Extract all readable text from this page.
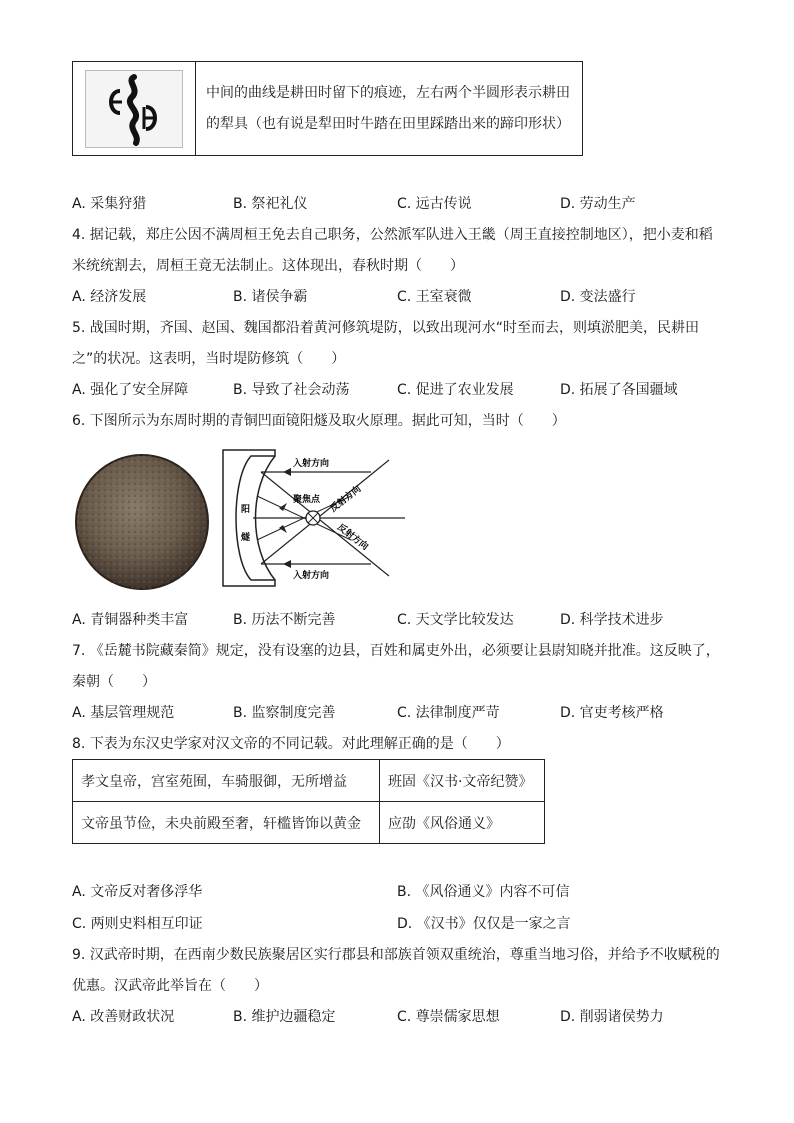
中间的曲线是耕田时留下的痕迹，左右两个半圆形表示耕田
的犁具（也有说是犁田时牛踏在田里踩踏出来的蹄印形状）
A. 采集狩猎	B. 祭祀礼仪	C. 远古传说	D. 劳动生产
4. 据记载，郑庄公因不满周桓王免去自己职务，公然派军队进入王畿（周王直接控制地区），把小麦和稻
米统统割去，周桓王竟无法制止。这体现出，春秋时期（　　）
A. 经济发展	B. 诸侯争霸	C. 王室衰微	D. 变法盛行
5. 战国时期，齐国、赵国、魏国都沿着黄河修筑堤防，以致出现河水“时至而去，则填淤肥美，民耕田
之”的状况。这表明，当时堤防修筑（　　）
A. 强化了安全屏障	B. 导致了社会动荡	C. 促进了农业发展	D. 拓展了各国疆域
6. 下图所示为东周时期的青铜凹面镜阳燧及取火原理。据此可知，当时（　　）
入射方向
入射方向
聚焦点
阳
燧
反射方向
反射方向
A. 青铜器种类丰富	B. 历法不断完善	C. 天文学比较发达	D. 科学技术进步
7. 《岳麓书院藏秦简》规定，没有设塞的边县，百姓和属吏外出，必须要让县尉知晓并批准。这反映了，
秦朝（　　）
A. 基层管理规范	B. 监察制度完善	C. 法律制度严苛	D. 官吏考核严格
8. 下表为东汉史学家对汉文帝的不同记载。对此理解正确的是（　　）
孝文皇帝，宫室苑囿，车骑服御，无所增益	班固《汉书·文帝纪赞》
文帝虽节俭，未央前殿至奢，轩槛皆饰以黄金	应劭《风俗通义》
A. 文帝反对奢侈浮华	B. 《风俗通义》内容不可信
C. 两则史料相互印证	D. 《汉书》仅仅是一家之言
9. 汉武帝时期，在西南少数民族聚居区实行郡县和部族首领双重统治，尊重当地习俗，并给予不收赋税的
优惠。汉武帝此举旨在（　　）
A. 改善财政状况	B. 维护边疆稳定	C. 尊崇儒家思想	D. 削弱诸侯势力
